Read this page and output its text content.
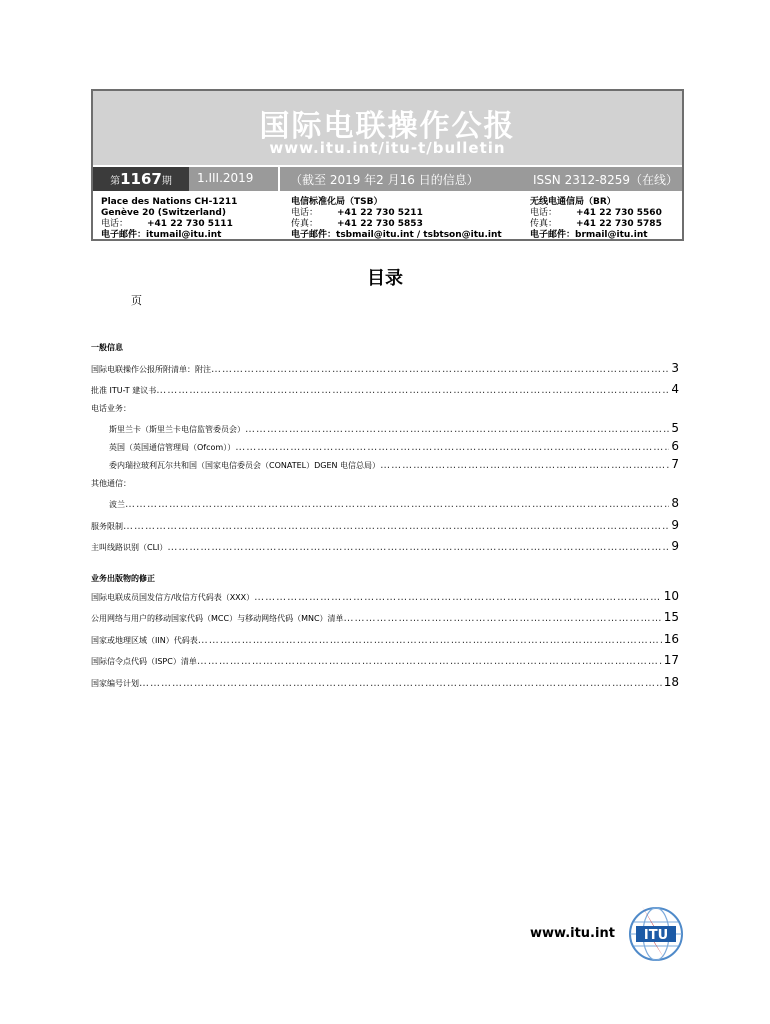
国际电联操作公报
www.itu.int/itu-t/bulletin
第 1167 期 1.III.2019	（截至 2019 年2 月16 日的信息）	ISSN 2312-8259（在线）
Place des Nations CH-1211
Genève 20 (Switzerland)
电话： +41 22 730 5111
电子邮件：itumail@itu.int
电信标准化局（TSB）
电话： +41 22 730 5211
传真： +41 22 730 5853
电子邮件：tsbmail@itu.int / tsbtson@itu.int
无线电通信局（BR）
电话： +41 22 730 5560
传真： +41 22 730 5785
电子邮件：brmail@itu.int
目录
页
一般信息
国际电联操作公报所附清单：附注 ……………………………………………………………………………………………………………………………………………………………………………………………	3
批准 ITU-T 建议书 ……………………………………………………………………………………………………………………………………………………………………………………………	4
电话业务：
斯里兰卡（斯里兰卡电信监管委员会） ……………………………………………………………………………………………………………………………………………………………………………………………	5
英国（英国通信管理局（Ofcom）） ……………………………………………………………………………………………………………………………………………………………………………………………	6
委内瑞拉玻利瓦尔共和国（国家电信委员会（CONATEL）DGEN 电信总局） ……………………………………………………………………………………………………………………………………………………………………………………………	7
其他通信：
波兰 ……………………………………………………………………………………………………………………………………………………………………………………………	8
服务限制 ……………………………………………………………………………………………………………………………………………………………………………………………	9
主叫线路识别（CLI） ……………………………………………………………………………………………………………………………………………………………………………………………	9
业务出版物的修正
国际电联成员国发信方/收信方代码表（XXX） ……………………………………………………………………………………………………………………………………………………………………………………………	10
公用网络与用户的移动国家代码（MCC）与移动网络代码（MNC）清单 ……………………………………………………………………………………………………………………………………………………………………………………………	15
国家或地理区域（IIN）代码表 ……………………………………………………………………………………………………………………………………………………………………………………………	16
国际信令点代码（ISPC）清单 ……………………………………………………………………………………………………………………………………………………………………………………………	17
国家编号计划 ……………………………………………………………………………………………………………………………………………………………………………………………	18
www.itu.int ITU
